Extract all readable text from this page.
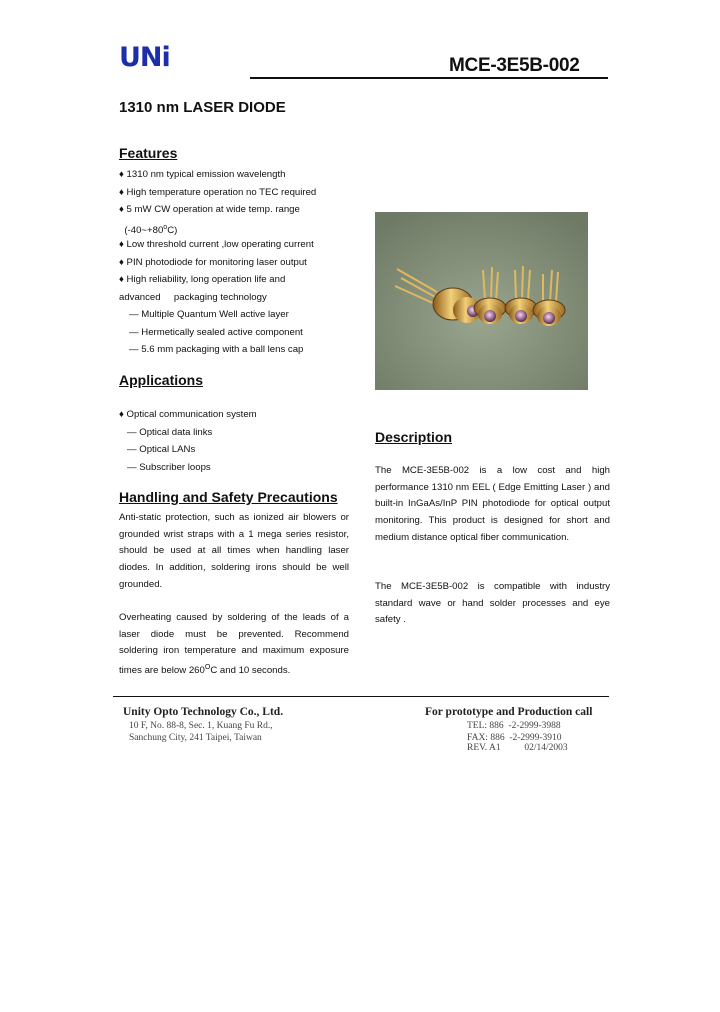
UNi	MCE-3E5B-002
1310 nm LASER DIODE
Features
♦ 1310 nm typical emission wavelength
♦ High temperature operation no TEC required
♦ 5 mW CW operation at wide temp. range
$(-40\sim+80^oC)$
♦ Low threshold current ,low operating current
♦ PIN photodiode for monitoring laser output
♦ High reliability, long operation life and
advanced     packaging technology
— Multiple Quantum Well active layer
— Hermetically sealed active component
— 5.6 mm packaging with a ball lens cap
Applications
♦ Optical communication system
— Optical data links
— Optical LANs
— Subscriber loops
Handling and Safety Precautions
Anti-static protection, such as ionized air blowers or grounded wrist straps with a 1 mega series resistor, should be used at all times when handling laser diodes. In addition, soldering irons should be well grounded.
Overheating caused by soldering of the leads of a laser diode must be prevented. Recommend soldering iron temperature and maximum exposure times are below $260^OC$ and 10 seconds.
Description
The MCE-3E5B-002 is a low cost and high performance 1310 nm EEL ( Edge Emitting Laser ) and built-in InGaAs/InP PIN photodiode for optical output monitoring. This product is designed for short and medium distance optical fiber communication.
The MCE-3E5B-002 is compatible with industry standard wave or hand solder processes and eye safety .
Unity Opto Technology Co., Ltd.
10 F, No. 88-8, Sec. 1, Kuang Fu Rd.,
Sanchung City, 241 Taipei, Taiwan
For prototype and Production call
TEL: 886  -2-2999-3988
FAX: 886  -2-2999-3910
REV. A1          02/14/2003
